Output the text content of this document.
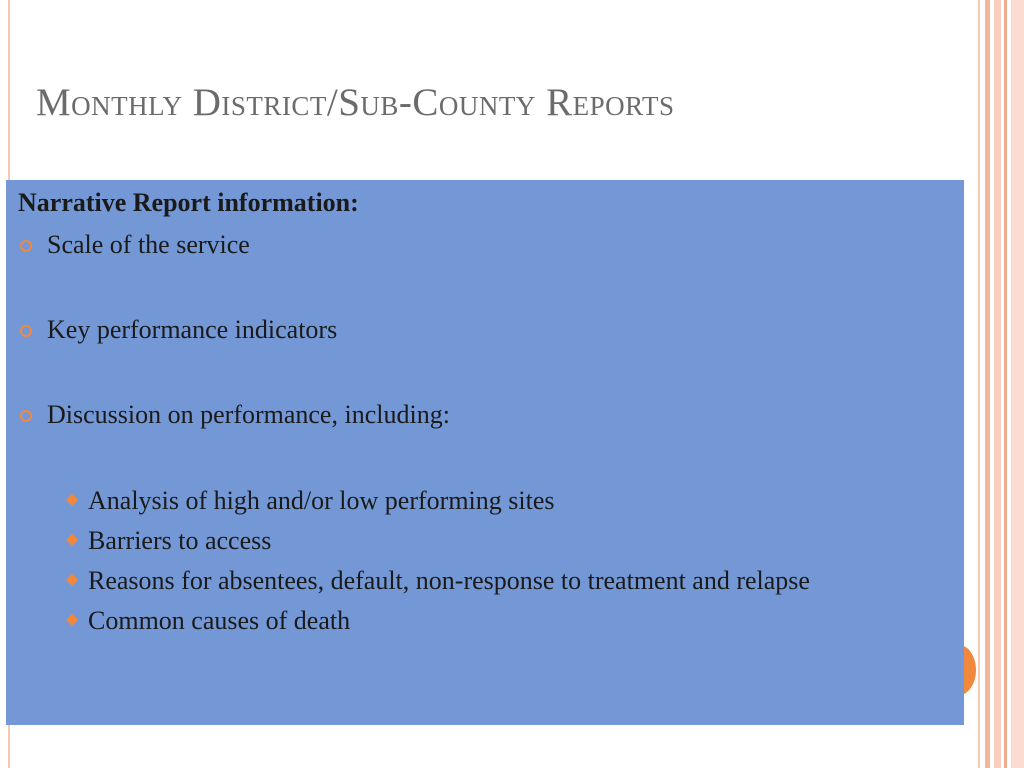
Monthly District/Sub-County Reports

Narrative Report information:

Scale of the service
Key performance indicators
Discussion on performance, including:
◆ Analysis of high and/or low performing sites
◆ Barriers to access
◆ Reasons for absentees, default, non-response to treatment and relapse
◆ Common causes of death
